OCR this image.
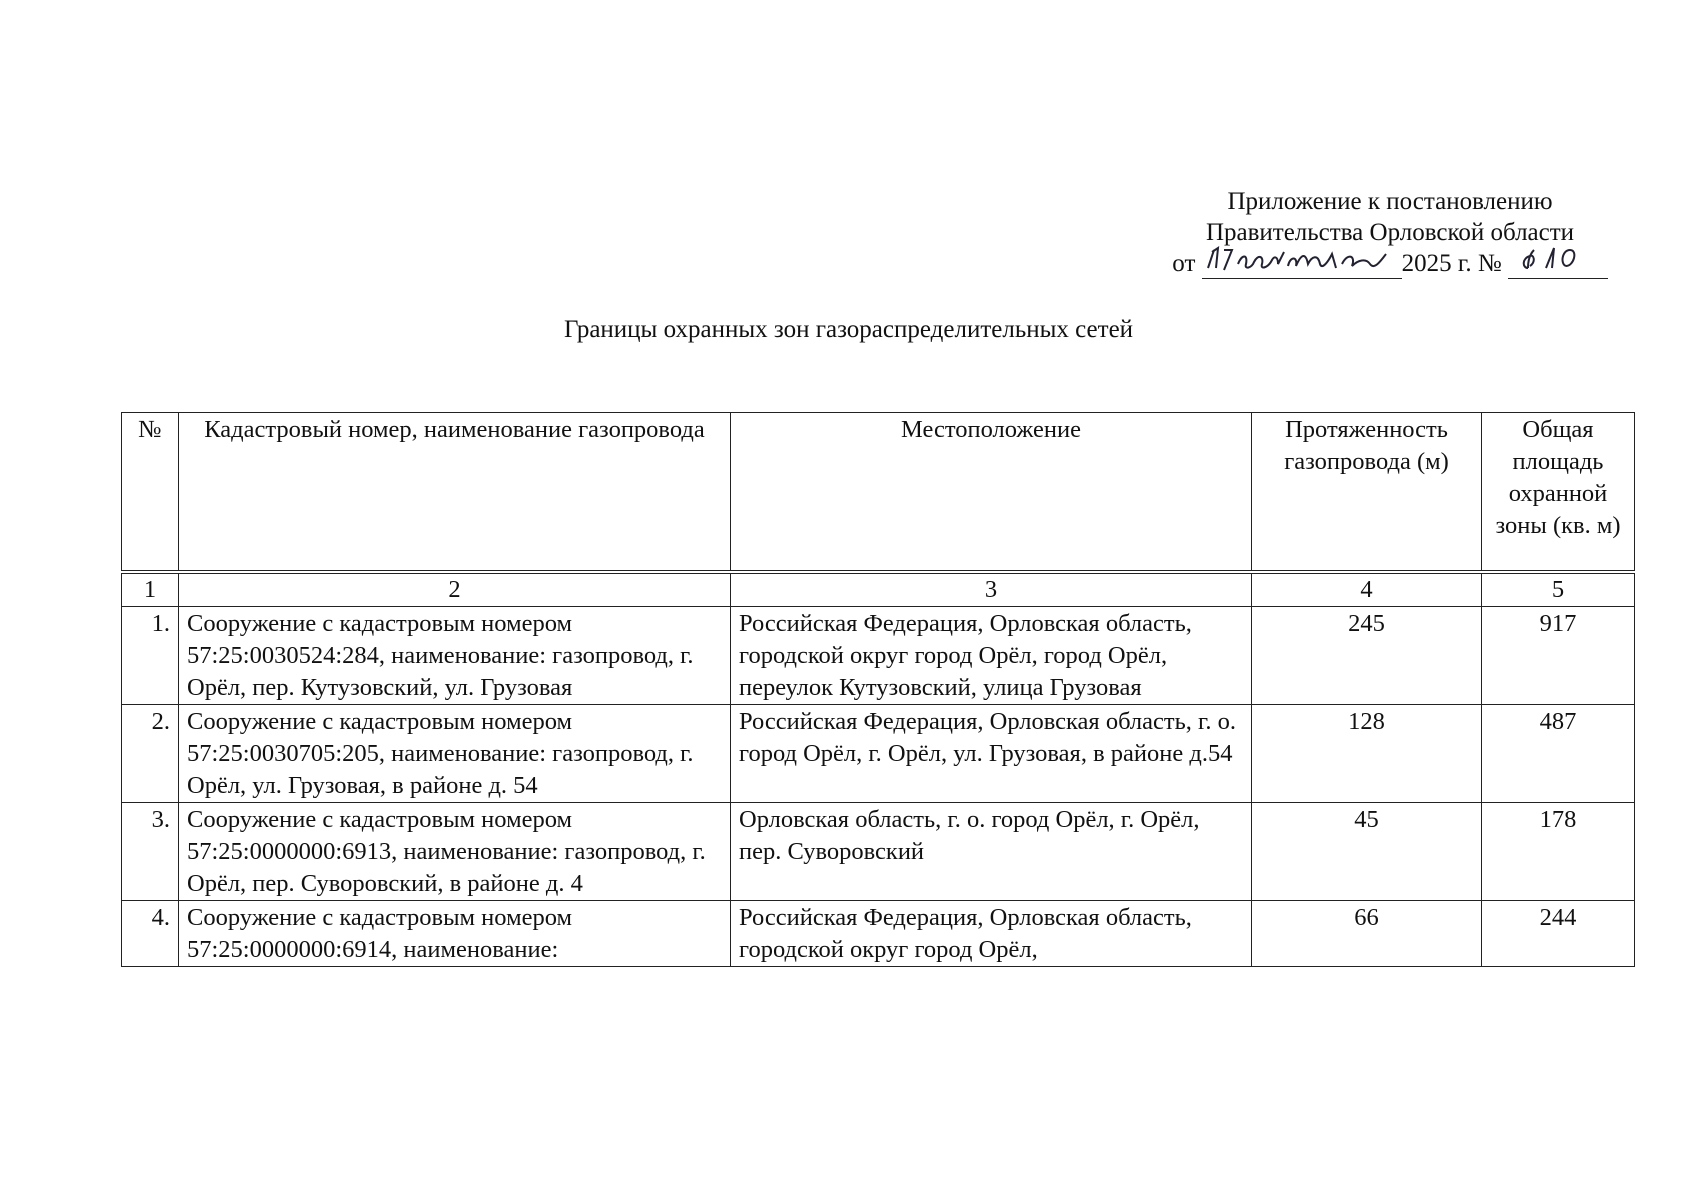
Приложение к постановлению
Правительства Орловской области
от
	2025 г. №
Границы охранных зон газораспределительных сетей
№	Кадастровый номер, наименование газопровода	Местоположение	Протяженность газопровода (м)	Общая площадь охранной зоны (кв. м)
1	2	3	4	5
1.	Сооружение с кадастровым номером 57:25:0030524:284, наименование: газопровод, г. Орёл, пер. Кутузовский, ул. Грузовая	Российская Федерация, Орловская область, городской округ город Орёл, город Орёл, переулок Кутузовский, улица Грузовая	245	917
2.	Сооружение с кадастровым номером 57:25:0030705:205, наименование: газопровод, г. Орёл, ул. Грузовая, в районе д. 54	Российская Федерация, Орловская область, г. о. город Орёл, г. Орёл, ул. Грузовая, в районе д.54	128	487
3.	Сооружение с кадастровым номером 57:25:0000000:6913, наименование: газопровод, г. Орёл, пер. Суворовский, в районе д. 4	Орловская область, г. о. город Орёл, г. Орёл, пер. Суворовский	45	178
4.	Сооружение с кадастровым номером 57:25:0000000:6914, наименование:	Российская Федерация, Орловская область, городской округ город Орёл,	66	244
